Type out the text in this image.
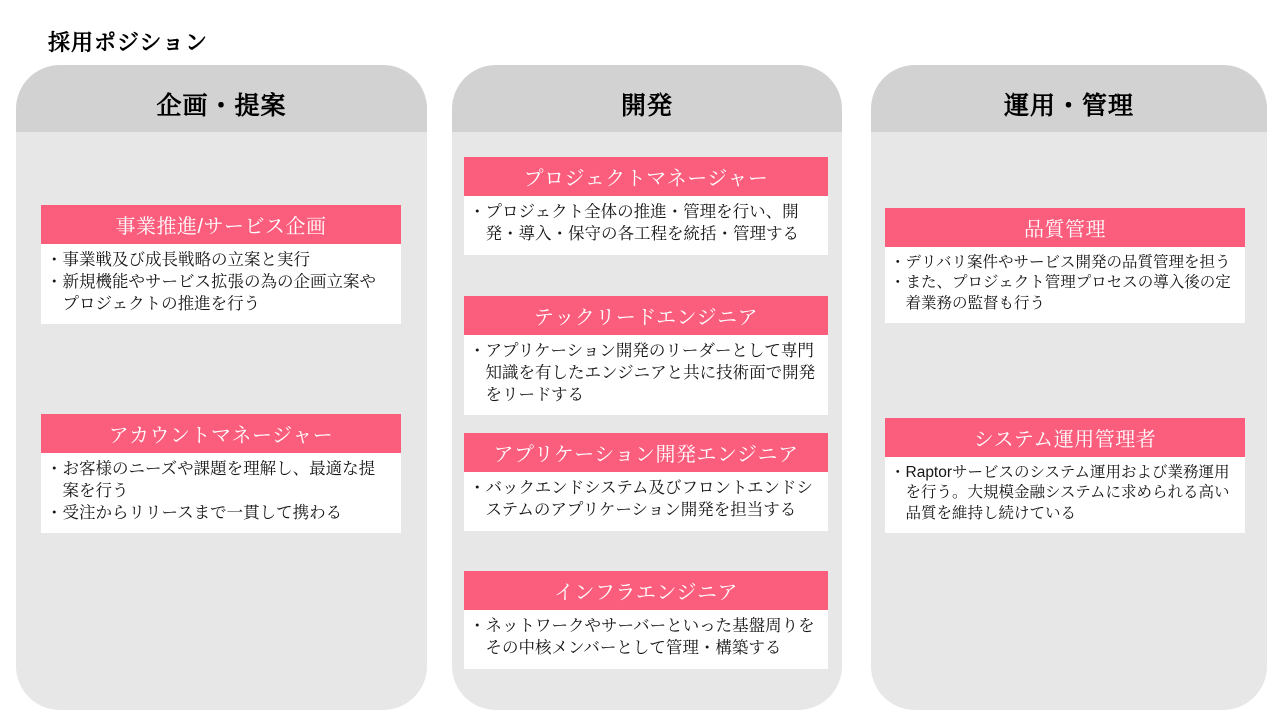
採用ポジション
企画・提案
事業推進/サービス企画
・事業戦及び成長戦略の立案と実行
・新規機能やサービス拡張の為の企画立案やプロジェクトの推進を行う
アカウントマネージャー
・お客様のニーズや課題を理解し、最適な提案を行う
・受注からリリースまで一貫して携わる
開発
プロジェクトマネージャー
・プロジェクト全体の推進・管理を行い、開発・導入・保守の各工程を統括・管理する
テックリードエンジニア
・アプリケーション開発のリーダーとして専門知識を有したエンジニアと共に技術面で開発をリードする
アプリケーション開発エンジニア
・バックエンドシステム及びフロントエンドシステムのアプリケーション開発を担当する
インフラエンジニア
・ネットワークやサーバーといった基盤周りをその中核メンバーとして管理・構築する
運用・管理
品質管理
・デリバリ案件やサービス開発の品質管理を担う
・また、プロジェクト管理プロセスの導入後の定着業務の監督も行う
システム運用管理者
・Raptorサービスのシステム運用および業務運用を行う。大規模金融システムに求められる高い品質を維持し続けている
